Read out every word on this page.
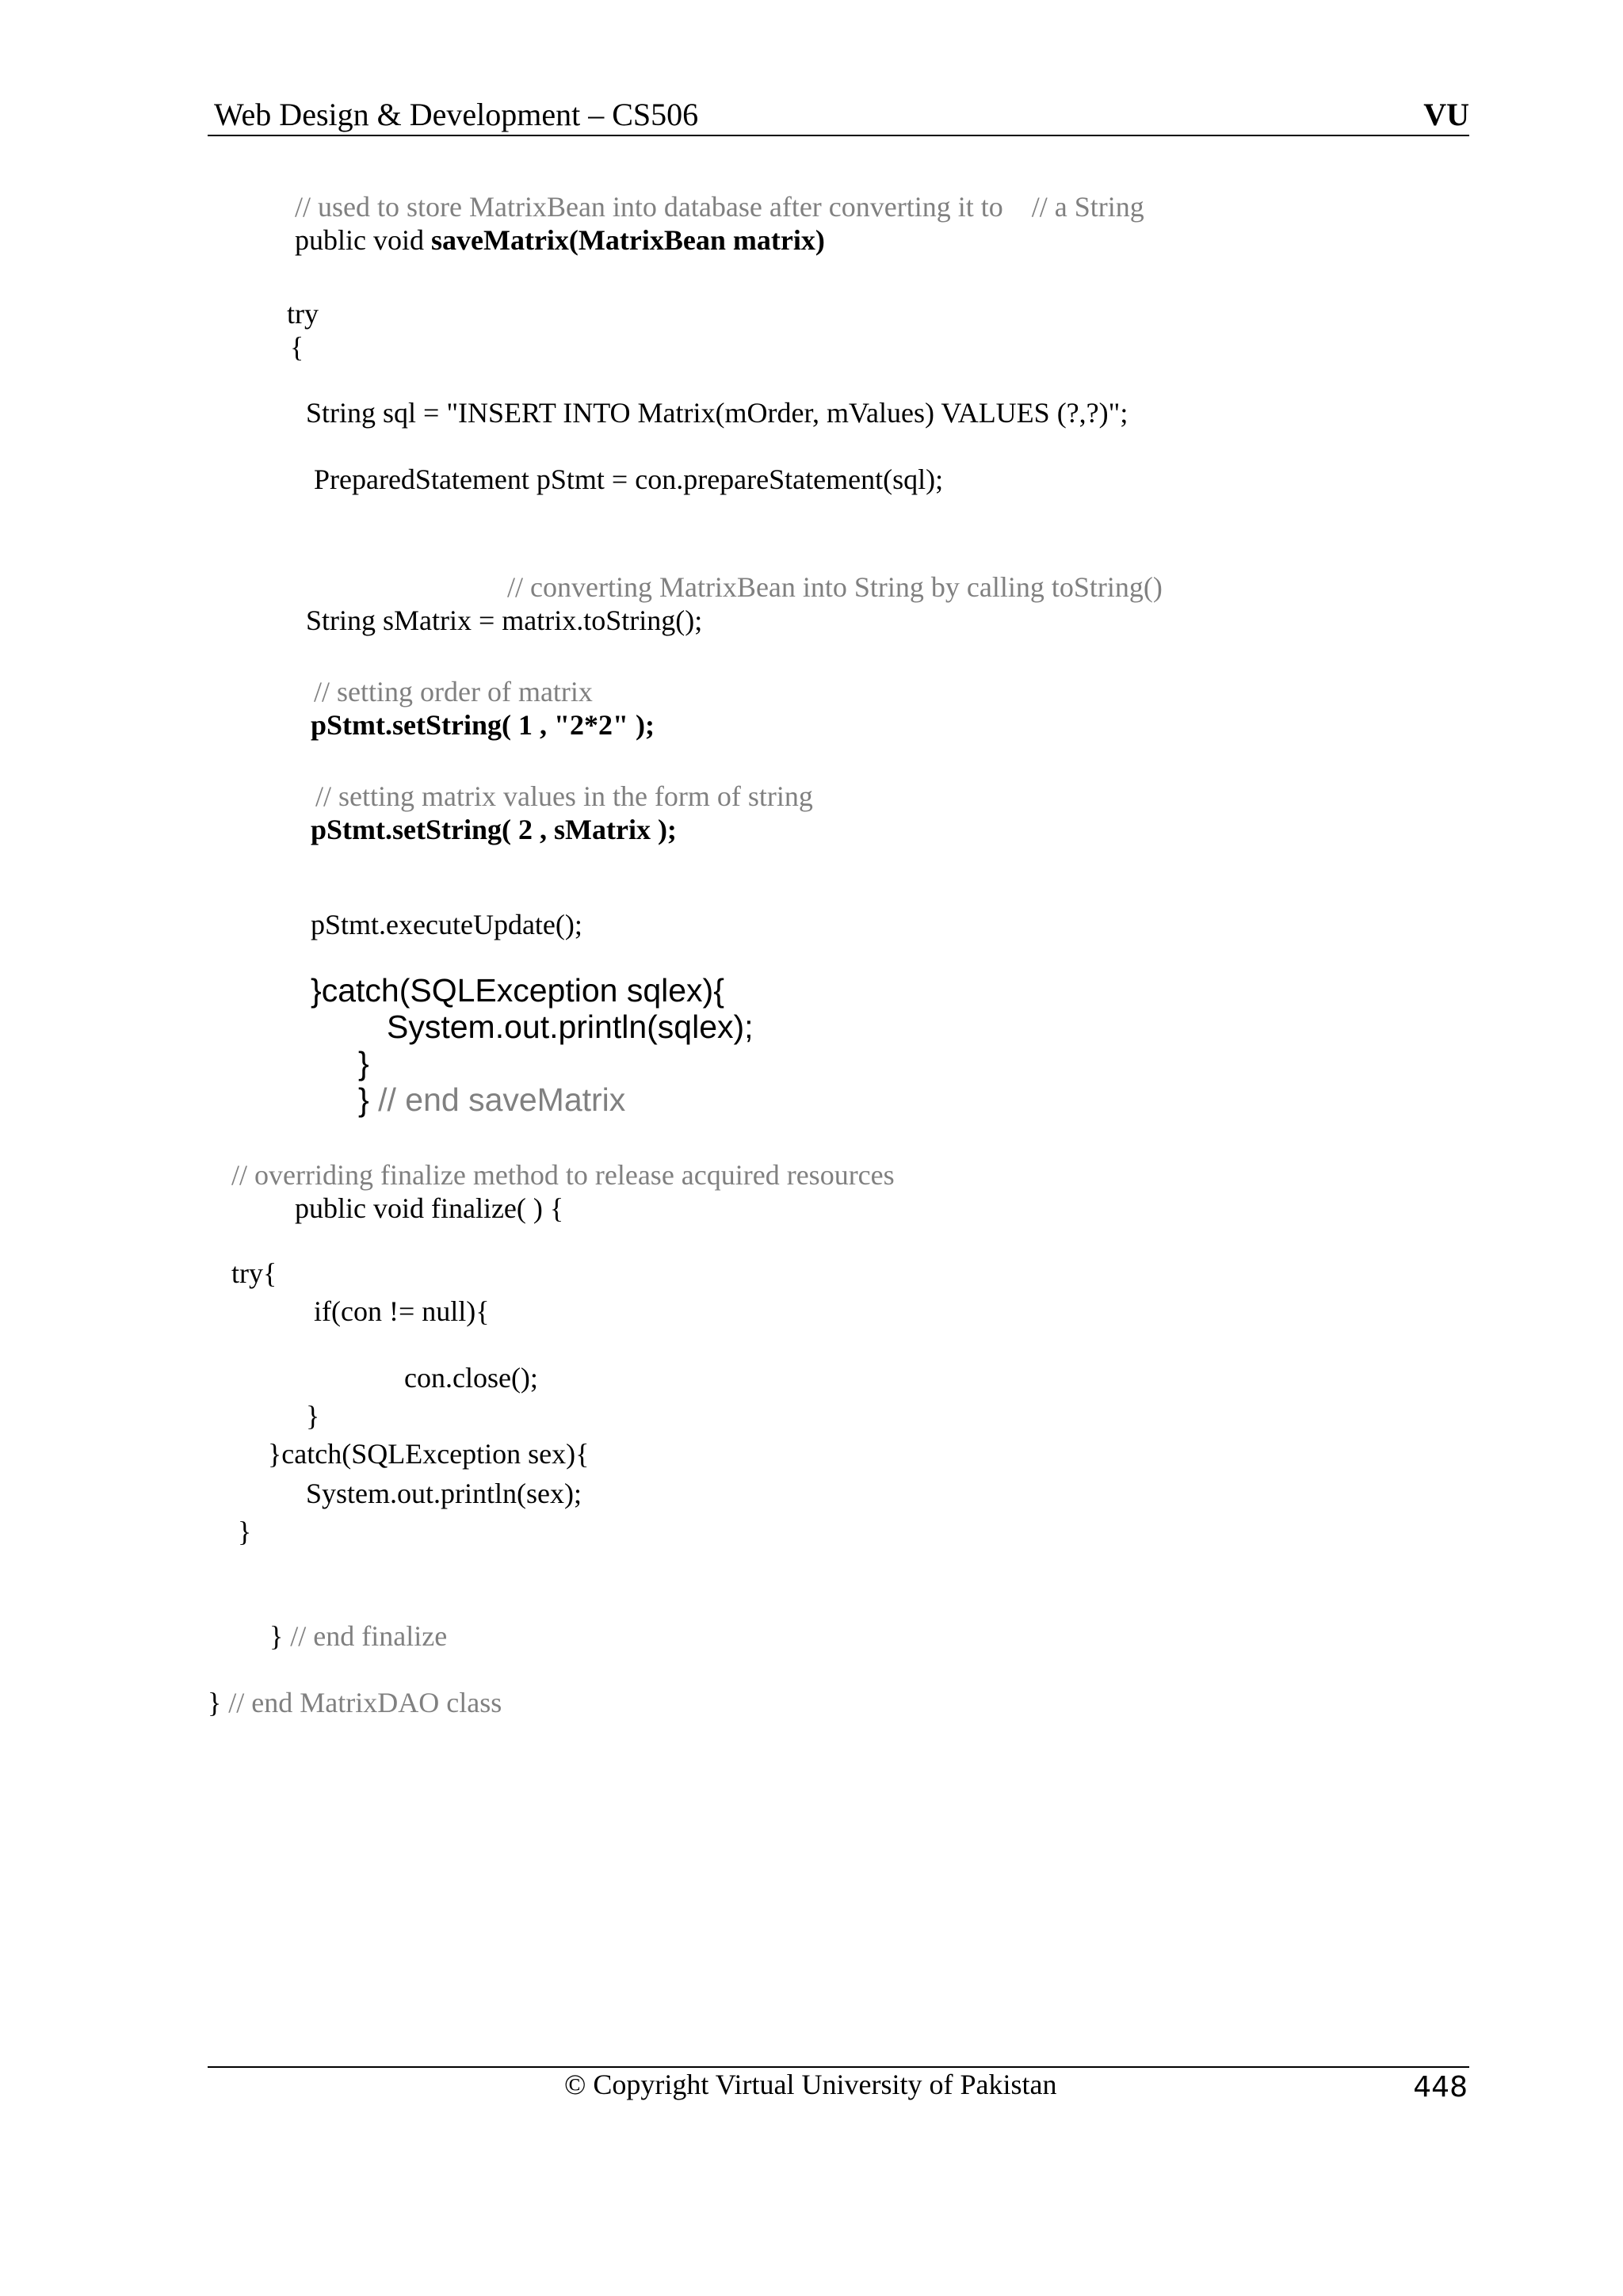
Web Design & Development – CS506	VU
// used to store MatrixBean into database after converting it to    // a String
public void saveMatrix(MatrixBean matrix)
try
{
String sql = "INSERT INTO Matrix(mOrder, mValues) VALUES (?,?)";
PreparedStatement pStmt = con.prepareStatement(sql);
// converting MatrixBean into String by calling toString()
String sMatrix = matrix.toString();
// setting order of matrix
pStmt.setString( 1 , "2*2" );
// setting matrix values in the form of string
pStmt.setString( 2 , sMatrix );
pStmt.executeUpdate();
}catch(SQLException sqlex){
System.out.println(sqlex);
}
} // end saveMatrix
// overriding finalize method to release acquired resources
public void finalize( ) {
try{
if(con != null){
con.close();
}
}catch(SQLException sex){
System.out.println(sex);
}
} // end finalize
} // end MatrixDAO class
© Copyright Virtual University of Pakistan	448
